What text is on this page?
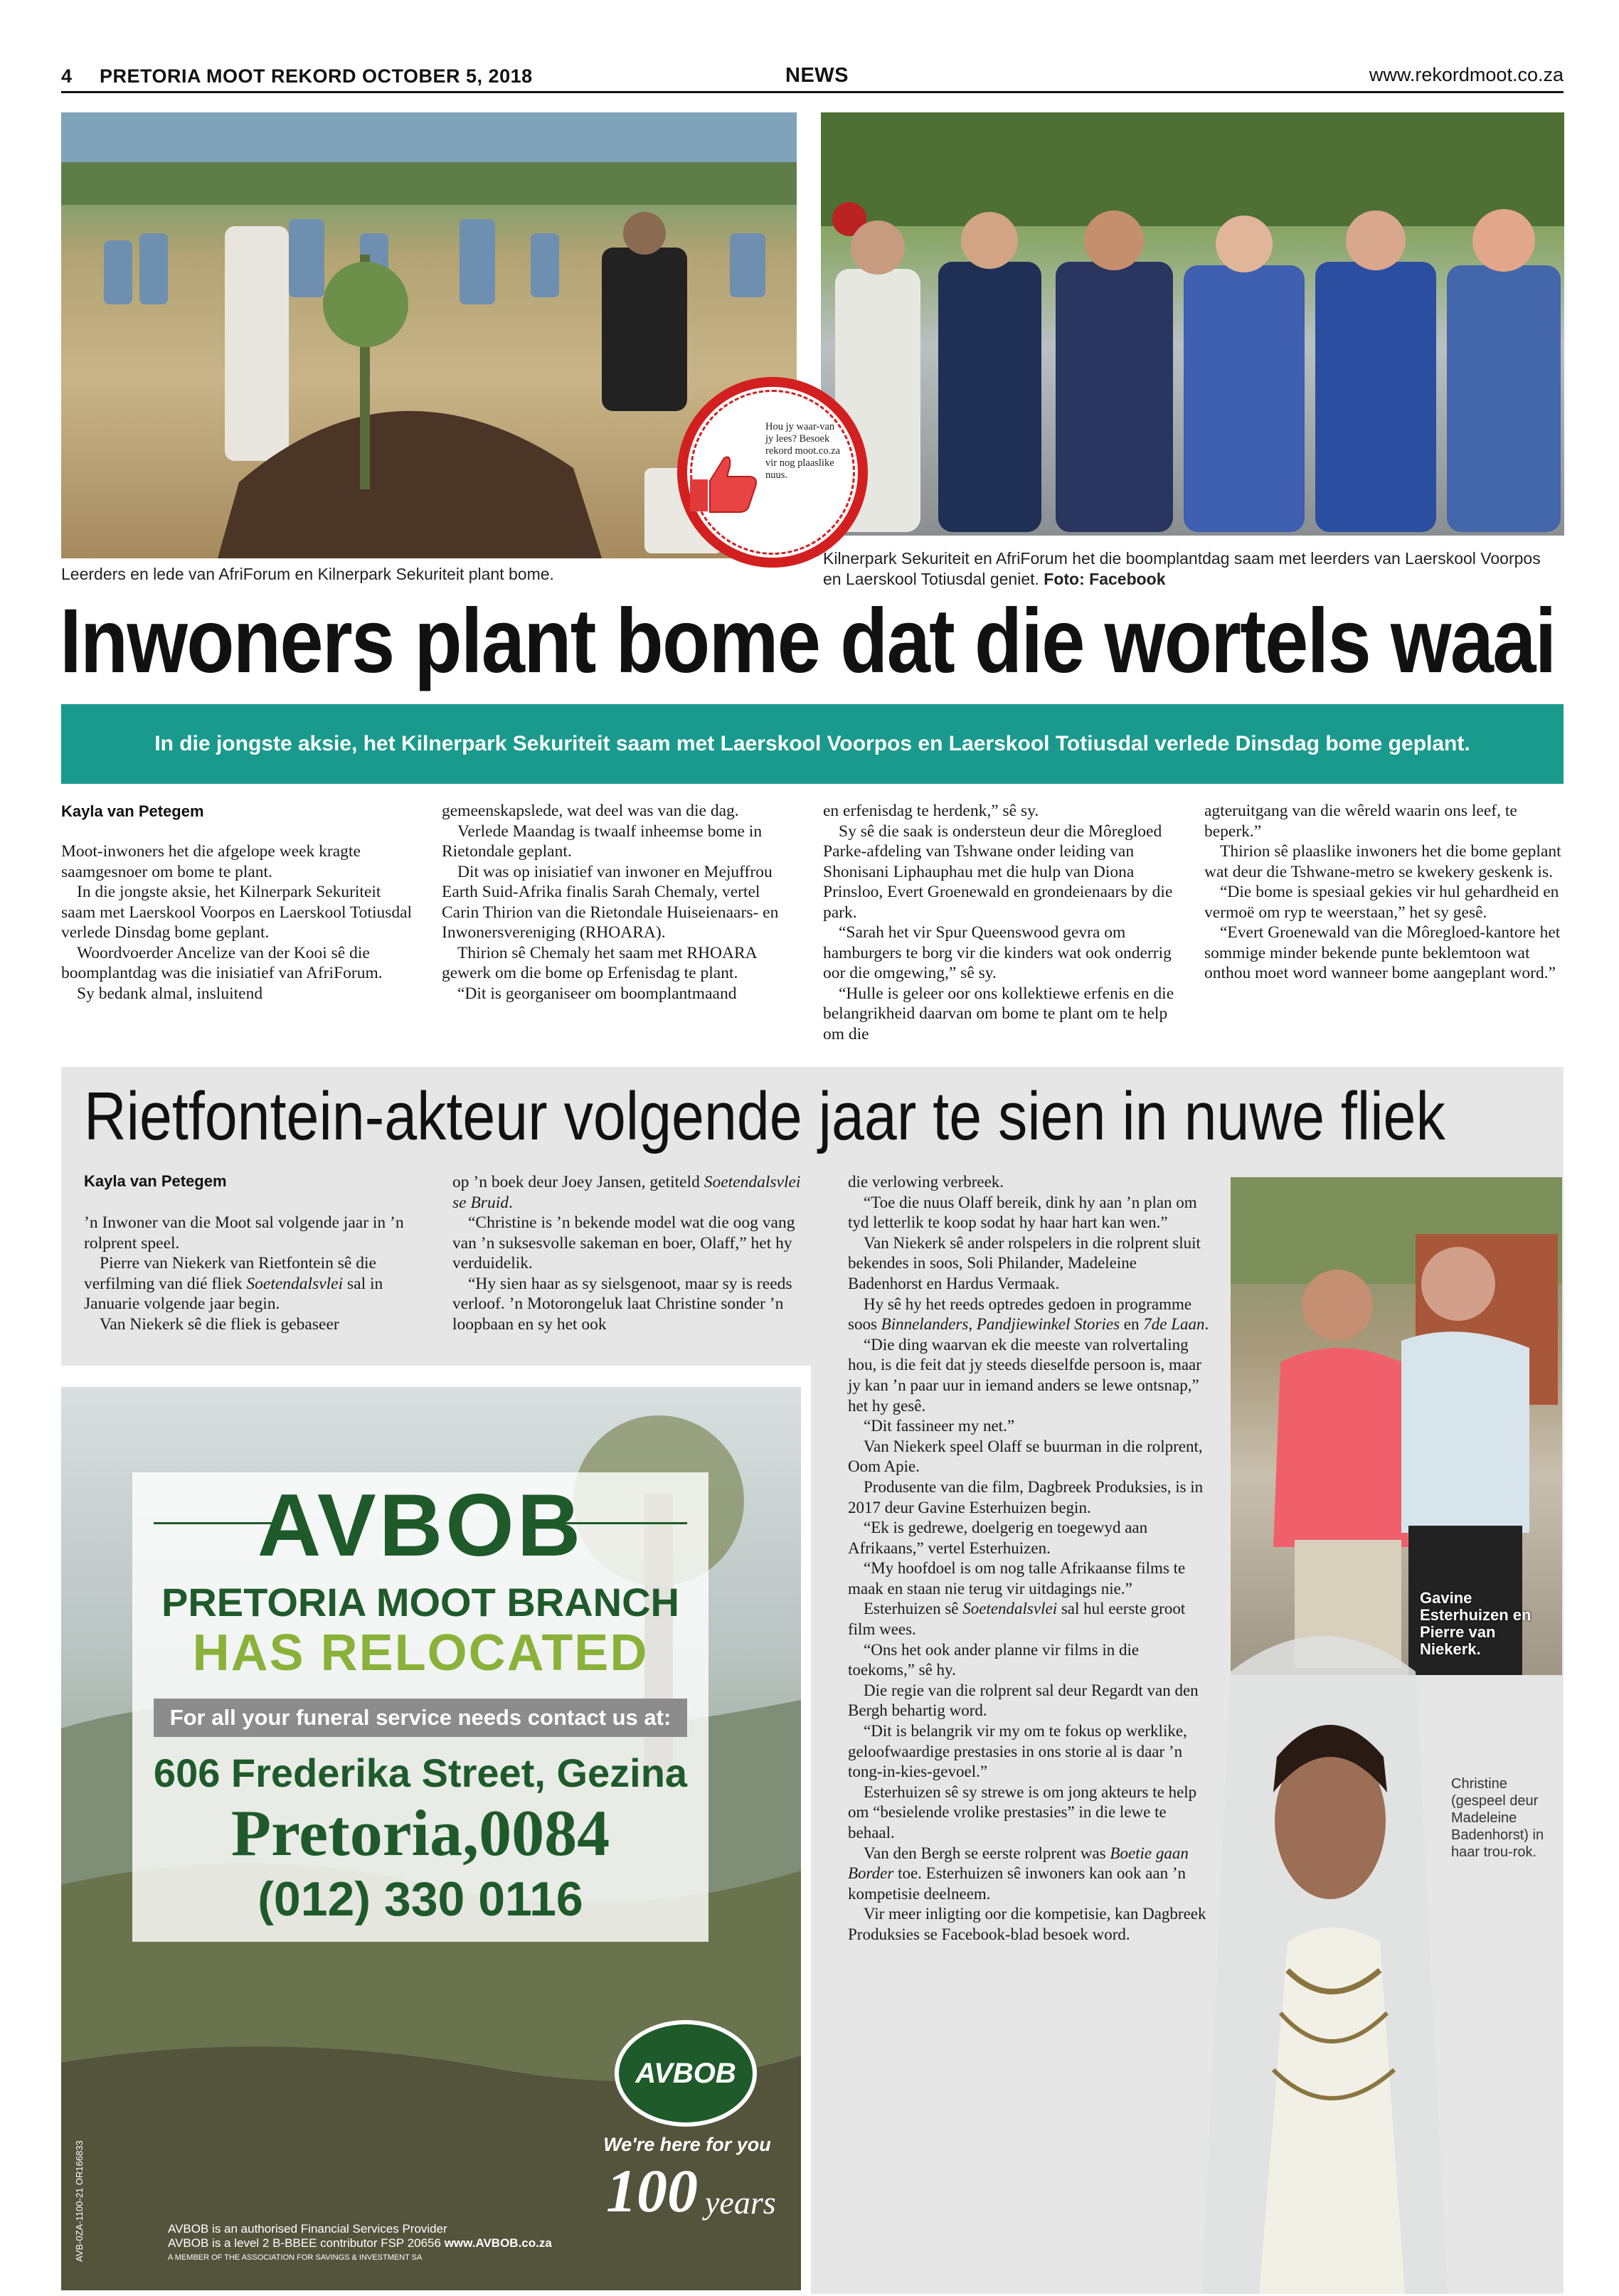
4 PRETORIA MOOT REKORD OCTOBER 5, 2018	NEWS	www.rekordmoot.co.za
Leerders en lede van AfriForum en Kilnerpark Sekuriteit plant bome.
Kilnerpark Sekuriteit en AfriForum het die boomplantdag saam met leerders van Laerskool Voorpos en Laerskool Totiusdal geniet. Foto: Facebook
Hou jy waar-van jy lees? Besoek rekord moot.co.za vir nog plaaslike nuus.
Inwoners plant bome dat die wortels waai
In die jongste aksie, het Kilnerpark Sekuriteit saam met Laerskool Voorpos en Laerskool Totiusdal verlede Dinsdag bome geplant.
Kayla van Petegem

Moot-inwoners het die afgelope week kragte saamgesnoer om bome te plant.

In die jongste aksie, het Kilnerpark Sekuriteit saam met Laerskool Voorpos en Laerskool Totiusdal verlede Dinsdag bome geplant.

Woordvoerder Ancelize van der Kooi sê die boomplantdag was die inisiatief van AfriForum.

Sy bedank almal, insluitend

gemeenskapslede, wat deel was van die dag.

Verlede Maandag is twaalf inheemse bome in Rietondale geplant.

Dit was op inisiatief van inwoner en Mejuffrou Earth Suid-Afrika finalis Sarah Chemaly, vertel Carin Thirion van die Rietondale Huiseienaars- en Inwonersvereniging (RHOARA).

Thirion sê Chemaly het saam met RHOARA gewerk om die bome op Erfenisdag te plant.

“Dit is georganiseer om boomplantmaand

en erfenisdag te herdenk,” sê sy.

Sy sê die saak is ondersteun deur die Môregloed Parke-afdeling van Tshwane onder leiding van Shonisani Liphauphau met die hulp van Diona Prinsloo, Evert Groenewald en grondeienaars by die park.

“Sarah het vir Spur Queenswood gevra om hamburgers te borg vir die kinders wat ook onderrig oor die omgewing,” sê sy.

“Hulle is geleer oor ons kollektiewe erfenis en die belangrikheid daarvan om bome te plant om te help om die

agteruitgang van die wêreld waarin ons leef, te beperk.”

Thirion sê plaaslike inwoners het die bome geplant wat deur die Tshwane-metro se kwekery geskenk is.

“Die bome is spesiaal gekies vir hul gehardheid en vermoë om ryp te weerstaan,” het sy gesê.

“Evert Groenewald van die Môregloed-kantore het sommige minder bekende punte beklemtoon wat onthou moet word wanneer bome aangeplant word.”

Rietfontein-akteur volgende jaar te sien in nuwe fliek
Kayla van Petegem

’n Inwoner van die Moot sal volgende jaar in ’n rolprent speel.

Pierre van Niekerk van Rietfontein sê die verfilming van dié fliek Soetendalsvlei sal in Januarie volgende jaar begin.

Van Niekerk sê die fliek is gebaseer

op ’n boek deur Joey Jansen, getiteld Soetendalsvlei se Bruid.

“Christine is ’n bekende model wat die oog vang van ’n suksesvolle sakeman en boer, Olaff,” het hy verduidelik.

“Hy sien haar as sy sielsgenoot, maar sy is reeds verloof. ’n Motorongeluk laat Christine sonder ’n loopbaan en sy het ook

die verlowing verbreek.

“Toe die nuus Olaff bereik, dink hy aan ’n plan om tyd letterlik te koop sodat hy haar hart kan wen.”

Van Niekerk sê ander rolspelers in die rolprent sluit bekendes in soos, Soli Philander, Madeleine Badenhorst en Hardus Vermaak.

Hy sê hy het reeds optredes gedoen in programme soos Binnelanders, Pandjiewinkel Stories en 7de Laan.

“Die ding waarvan ek die meeste van rolvertaling hou, is die feit dat jy steeds dieselfde persoon is, maar jy kan ’n paar uur in iemand anders se lewe ontsnap,” het hy gesê.

“Dit fassineer my net.”

Van Niekerk speel Olaff se buurman in die rolprent, Oom Apie.

Produsente van die film, Dagbreek Produksies, is in 2017 deur Gavine Esterhuizen begin.

“Ek is gedrewe, doelgerig en toegewyd aan Afrikaans,” vertel Esterhuizen.

“My hoofdoel is om nog talle Afrikaanse films te maak en staan nie terug vir uitdagings nie.”

Esterhuizen sê Soetendalsvlei sal hul eerste groot film wees.

“Ons het ook ander planne vir films in die toekoms,” sê hy.

Die regie van die rolprent sal deur Regardt van den Bergh behartig word.

“Dit is belangrik vir my om te fokus op werklike, geloofwaardige prestasies in ons storie al is daar ’n tong-in-kies-gevoel.”

Esterhuizen sê sy strewe is om jong akteurs te help om “besielende vrolike prestasies” in die lewe te behaal.

Van den Bergh se eerste rolprent was Boetie gaan Border toe. Esterhuizen sê inwoners kan ook aan ’n kompetisie deelneem.

Vir meer inligting oor die kompetisie, kan Dagbreek Produksies se Facebook-blad besoek word.

Gavine Esterhuizen en Pierre van Niekerk.
Christine (gespeel deur Madeleine Badenhorst) in haar trou-rok.
AVBOB
PRETORIA MOOT BRANCH
HAS RELOCATED
For all your funeral service needs contact us at:
606 Frederika Street, Gezina
Pretoria,0084
(012) 330 0116
AVBOB
We're here for you
100 years
AVBOB is an authorised Financial Services Provider
AVBOB is a level 2 B-BBEE contributor FSP 20656 www.AVBOB.co.za
A MEMBER OF THE ASSOCIATION FOR SAVINGS & INVESTMENT SA
AVB-0ZA-1100-21 OR166833
